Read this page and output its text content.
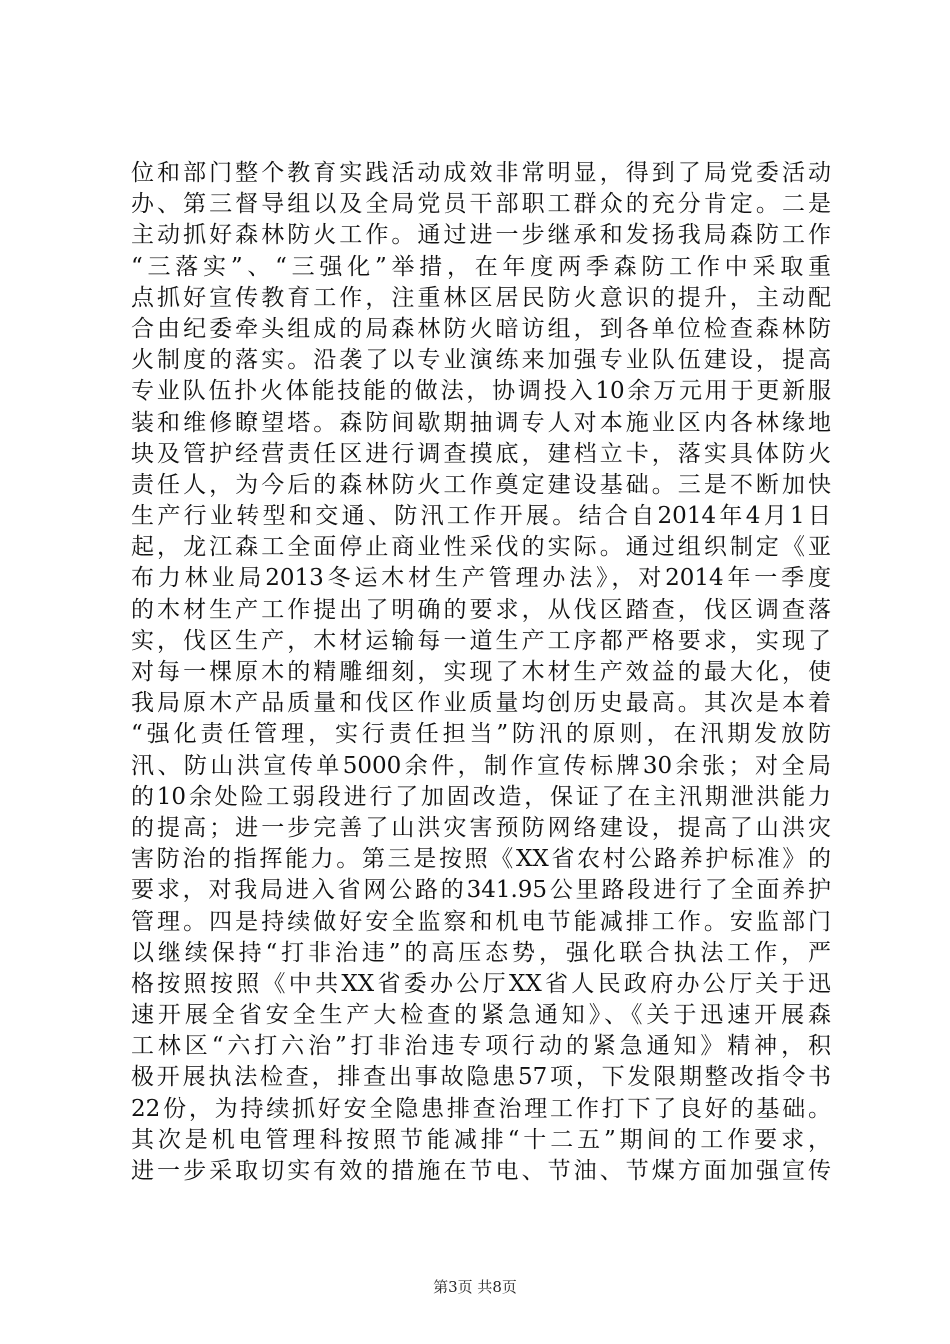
位和部门整个教育实践活动成效非常明显，得到了局党委活动
办、第三督导组以及全局党员干部职工群众的充分肯定。二是
主动抓好森林防火工作。通过进一步继承和发扬我局森防工作
“三落实”、“三强化”举措，在年度两季森防工作中采取重
点抓好宣传教育工作，注重林区居民防火意识的提升，主动配
合由纪委牵头组成的局森林防火暗访组，到各单位检查森林防
火制度的落实。沿袭了以专业演练来加强专业队伍建设，提高
专业队伍扑火体能技能的做法，协调投入10余万元用于更新服
装和维修瞭望塔。森防间歇期抽调专人对本施业区内各林缘地
块及管护经营责任区进行调查摸底，建档立卡，落实具体防火
责任人，为今后的森林防火工作奠定建设基础。三是不断加快
生产行业转型和交通、防汛工作开展。结合自2014年4月1日
起，龙江森工全面停止商业性采伐的实际。通过组织制定《亚
布力林业局2013冬运木材生产管理办法》，对2014年一季度
的木材生产工作提出了明确的要求，从伐区踏查，伐区调查落
实，伐区生产，木材运输每一道生产工序都严格要求，实现了
对每一棵原木的精雕细刻，实现了木材生产效益的最大化，使
我局原木产品质量和伐区作业质量均创历史最高。其次是本着
“强化责任管理，实行责任担当”防汛的原则，在汛期发放防
汛、防山洪宣传单5000余件，制作宣传标牌30余张；对全局
的10余处险工弱段进行了加固改造，保证了在主汛期泄洪能力
的提高；进一步完善了山洪灾害预防网络建设，提高了山洪灾
害防治的指挥能力。第三是按照《XX省农村公路养护标准》的
要求，对我局进入省网公路的341.95公里路段进行了全面养护
管理。四是持续做好安全监察和机电节能减排工作。安监部门
以继续保持“打非治违”的高压态势，强化联合执法工作，严
格按照按照《中共XX省委办公厅XX省人民政府办公厅关于迅
速开展全省安全生产大检查的紧急通知》、《关于迅速开展森
工林区“六打六治”打非治违专项行动的紧急通知》精神，积
极开展执法检查，排查出事故隐患57项，下发限期整改指令书
22份，为持续抓好安全隐患排查治理工作打下了良好的基础。
其次是机电管理科按照节能减排“十二五”期间的工作要求，
进一步采取切实有效的措施在节电、节油、节煤方面加强宣传
第3页 共8页
